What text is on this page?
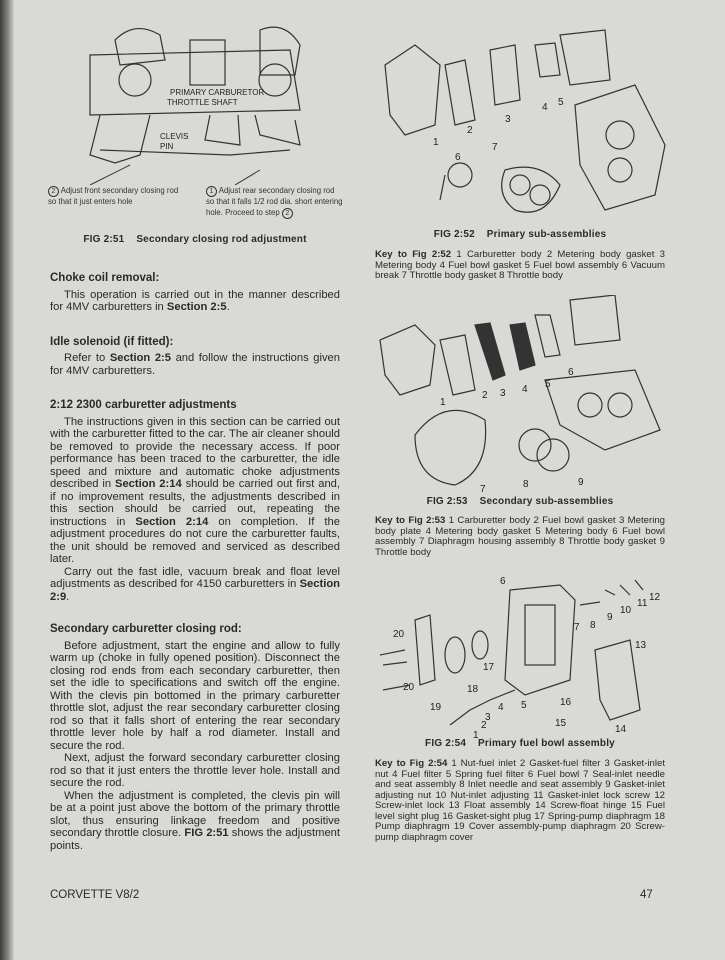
PRIMARY CARBURETOR
THROTTLE SHAFT
CLEVIS
PIN
2 Adjust front secondary closing rod so that it just enters hole
1 Adjust rear secondary closing rod so that it falls 1/2 rod dia. short entering hole. Proceed to step 2
FIG 2:51    Secondary closing rod adjustment
Choke coil removal:

This operation is carried out in the manner described for 4MV carburetters in Section 2:5.

Idle solenoid (if fitted):

Refer to Section 2:5 and follow the instructions given for 4MV carburetters.

2:12 2300 carburetter adjustments

The instructions given in this section can be carried out with the carburetter fitted to the car. The air cleaner should be removed to provide the necessary access. If poor performance has been traced to the carburetter, the idle speed and mixture and automatic choke adjustments described in Section 2:14 should be carried out first and, if no improvement results, the adjustments described in this section should be carried out, repeating the instructions in Section 2:14 on completion. If the adjustment procedures do not cure the carburetter faults, the unit should be removed and serviced as described later.

Carry out the fast idle, vacuum break and float level adjustments as described for 4150 carburetters in Section 2:9.

Secondary carburetter closing rod:

Before adjustment, start the engine and allow to fully warm up (choke in fully opened position). Disconnect the closing rod ends from each secondary carburetter, then set the idle to specifications and switch off the engine. With the clevis pin bottomed in the primary carburetter throttle slot, adjust the rear secondary carburetter closing rod so that it falls short of entering the rear secondary throttle lever hole by half a rod diameter. Install and secure the rod.

Next, adjust the forward secondary carburetter closing rod so that it just enters the throttle lever hole. Install and secure the rod.

When the adjustment is completed, the clevis pin will be at a point just above the bottom of the primary throttle slot, thus ensuring linkage freedom and positive secondary throttle closure. FIG 2:51 shows the adjustment points.

1
2
3
4 5
6
7
FIG 2:52    Primary sub-assemblies
Key to Fig 2:52 1 Carburetter body 2 Metering body gasket 3 Metering body 4 Fuel bowl gasket 5 Fuel bowl assembly 6 Vacuum break 7 Throttle body gasket 8 Throttle body
1
2 3 4 5
6
7	8	9
FIG 2:53    Secondary sub-assemblies
Key to Fig 2:53 1 Carburetter body 2 Fuel bowl gasket 3 Metering body plate 4 Metering body gasket 5 Metering body 6 Fuel bowl assembly 7 Diaphragm housing assembly 8 Throttle body gasket 9 Throttle body
1
2
3
4 5
6
7 8
9
10
11
12
13
14
15
16
17
18
19
20
20
FIG 2:54    Primary fuel bowl assembly
Key to Fig 2:54 1 Nut-fuel inlet 2 Gasket-fuel filter 3 Gasket-inlet nut 4 Fuel filter 5 Spring fuel filter 6 Fuel bowl 7 Seal-inlet needle and seat assembly 8 Inlet needle and seat assembly 9 Gasket-inlet adjusting nut 10 Nut-inlet adjusting 11 Gasket-inlet lock screw 12 Screw-inlet lock 13 Float assembly 14 Screw-float hinge 15 Fuel level sight plug 16 Gasket-sight plug 17 Spring-pump diaphragm 18 Pump diaphragm 19 Cover assembly-pump diaphragm 20 Screw-pump diaphragm cover
CORVETTE V8/2	47
